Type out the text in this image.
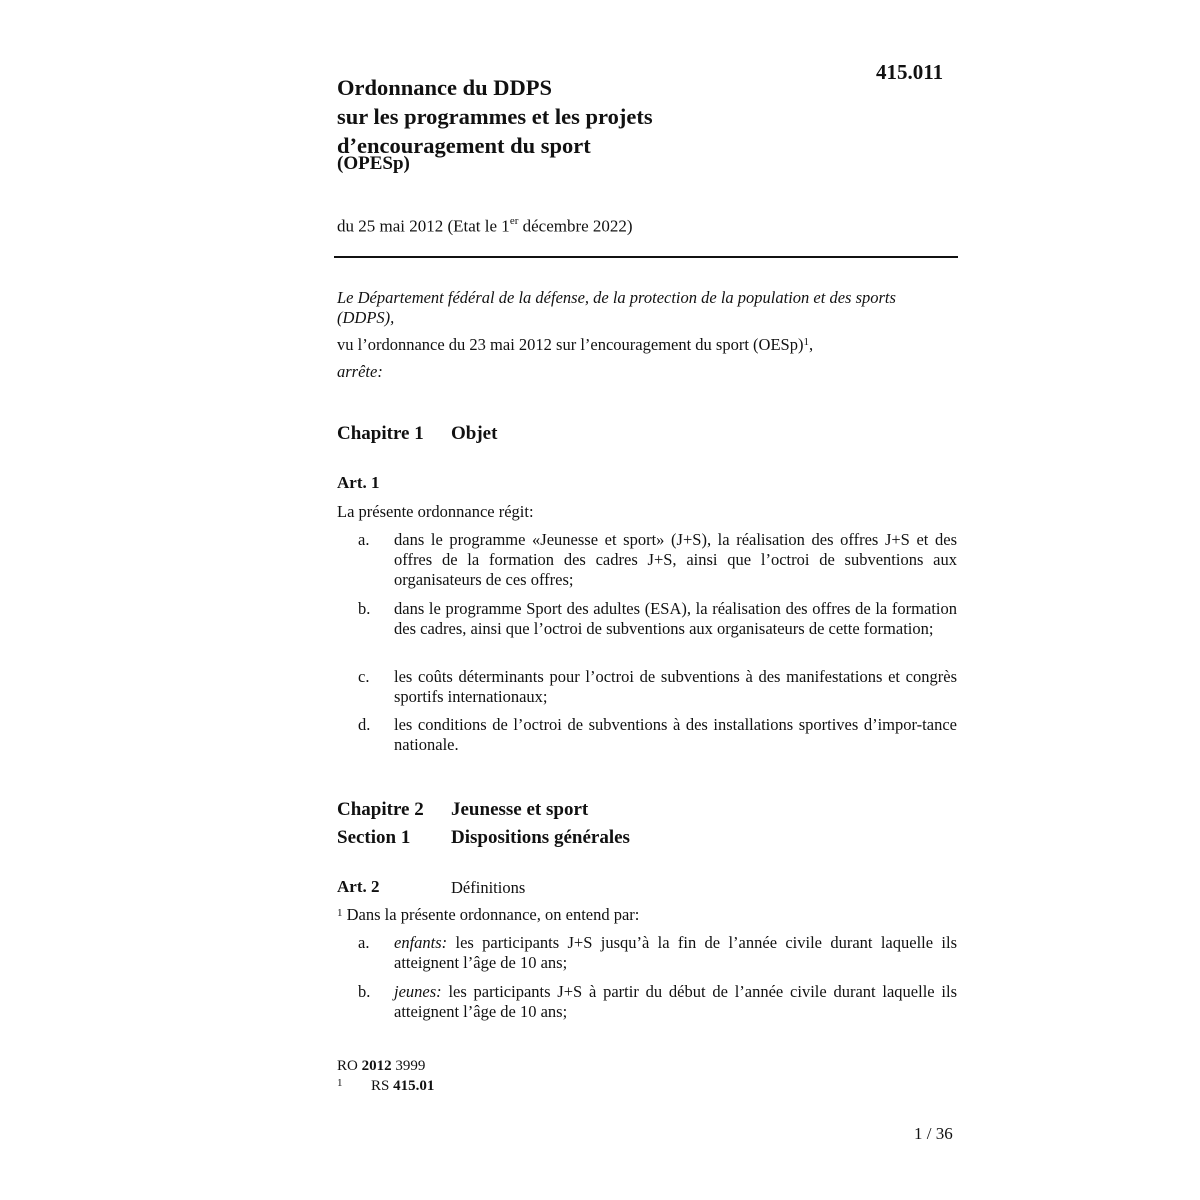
415.011
Ordonnance du DDPS
sur les programmes et les projets
d’encouragement du sport
(OPESp)
du 25 mai 2012 (Etat le 1er décembre 2022)
Le Département fédéral de la défense, de la protection de la population et des sports (DDPS),
vu l’ordonnance du 23 mai 2012 sur l’encouragement du sport (OESp)$^1$,
arrête:
Chapitre 1 Objet
Art. 1
La présente ordonnance régit:
a. dans le programme «Jeunesse et sport» (J+S), la réalisation des offres J+S et des offres de la formation des cadres J+S, ainsi que l’octroi de subventions aux organisateurs de ces offres;
b. dans le programme Sport des adultes (ESA), la réalisation des offres de la formation des cadres, ainsi que l’octroi de subventions aux organisateurs de cette formation;
c. les coûts déterminants pour l’octroi de subventions à des manifestations et congrès sportifs internationaux;
d. les conditions de l’octroi de subventions à des installations sportives d’impor-tance nationale.
Chapitre 2 Jeunesse et sport
Section 1 Dispositions générales
Art. 2	Définitions
$^1$ Dans la présente ordonnance, on entend par:
a. enfants: les participants J+S jusqu’à la fin de l’année civile durant laquelle ils atteignent l’âge de 10 ans;
b. jeunes: les participants J+S à partir du début de l’année civile durant laquelle ils atteignent l’âge de 10 ans;
RO 2012 3999
1 RS 415.01
1 / 36
